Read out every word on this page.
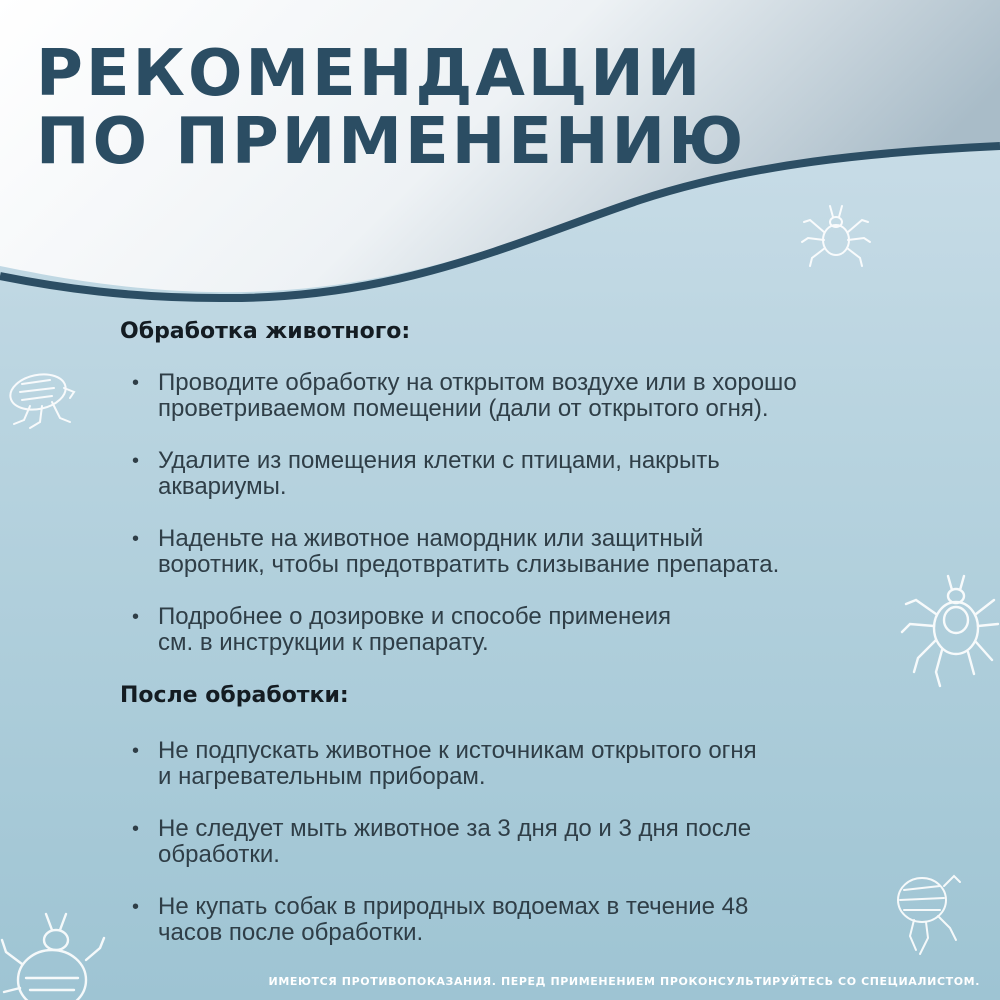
РЕКОМЕНДАЦИИ
ПО ПРИМЕНЕНИЮ
Обработка животного:
• Проводите обработку на открытом воздухе или в хорошо
проветриваемом помещении (дали от открытого огня).
• Удалите из помещения клетки с птицами, накрыть
аквариумы.
• Наденьте на животное намордник или защитный
воротник, чтобы предотвратить слизывание препарата.
• Подробнее о дозировке и способе применеия
см. в инструкции к препарату.
После обработки:
• Не подпускать животное к источникам открытого огня
и нагревательным приборам.
• Не следует мыть животное за 3 дня до и 3 дня после
обработки.
• Не купать собак в природных водоемах в течение 48
часов после обработки.
ИМЕЮТСЯ ПРОТИВОПОКАЗАНИЯ. ПЕРЕД ПРИМЕНЕНИЕМ ПРОКОНСУЛЬТИРУЙТЕСЬ СО СПЕЦИАЛИСТОМ.
